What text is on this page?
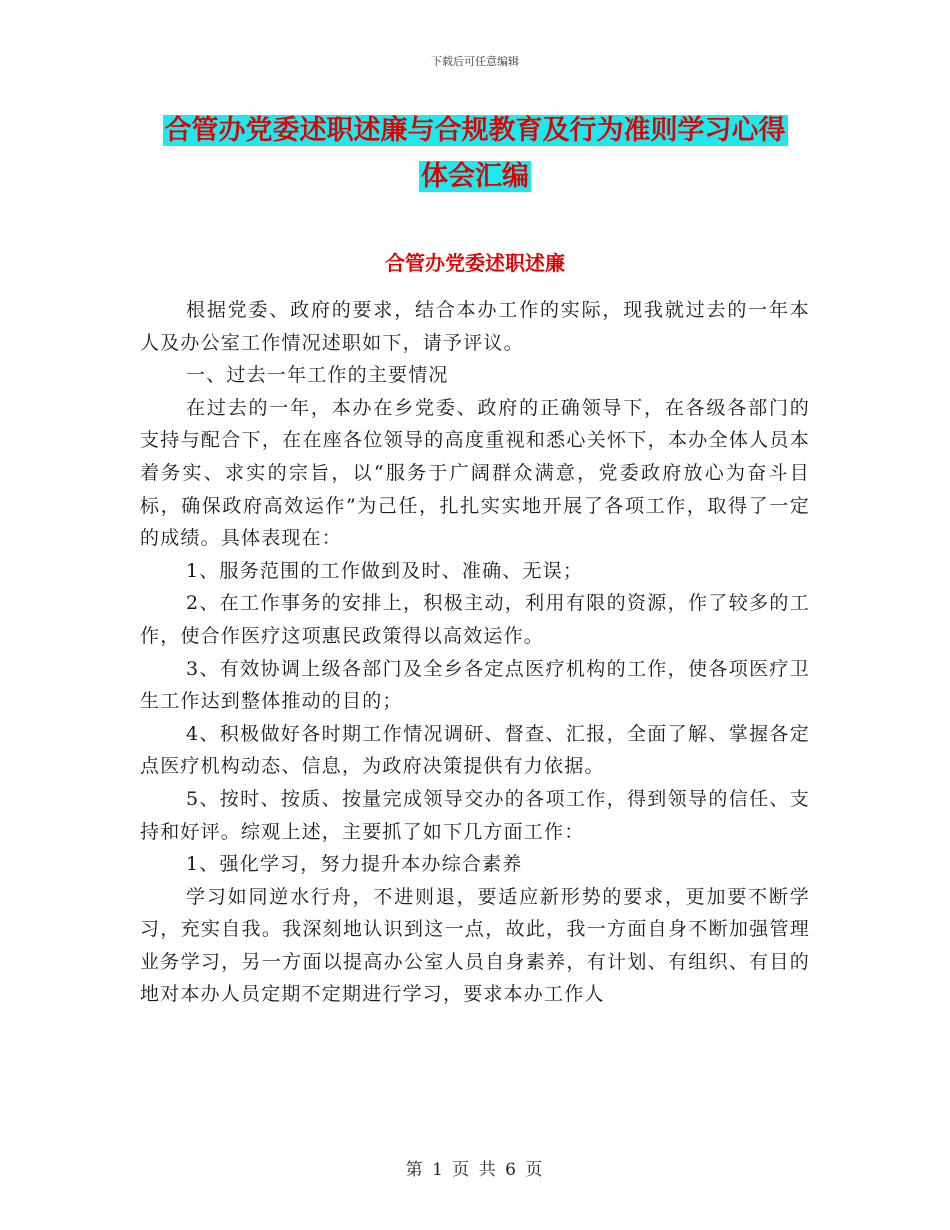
下载后可任意编辑
合管办党委述职述廉与合规教育及行为准则学习心得
体会汇编
合管办党委述职述廉

根据党委、政府的要求，结合本办工作的实际，现我就过去的一年本人及办公室工作情况述职如下，请予评议。

一、过去一年工作的主要情况

在过去的一年，本办在乡党委、政府的正确领导下，在各级各部门的支持与配合下，在在座各位领导的高度重视和悉心关怀下，本办全体人员本着务实、求实的宗旨，以“服务于广阔群众满意，党委政府放心为奋斗目标，确保政府高效运作”为己任，扎扎实实地开展了各项工作，取得了一定的成绩。具体表现在：

1、服务范围的工作做到及时、准确、无误；

2、在工作事务的安排上，积极主动，利用有限的资源，作了较多的工作，使合作医疗这项惠民政策得以高效运作。

3、有效协调上级各部门及全乡各定点医疗机构的工作，使各项医疗卫生工作达到整体推动的目的；

4、积极做好各时期工作情况调研、督查、汇报，全面了解、掌握各定点医疗机构动态、信息，为政府决策提供有力依据。

5、按时、按质、按量完成领导交办的各项工作，得到领导的信任、支持和好评。综观上述，主要抓了如下几方面工作：

1、强化学习，努力提升本办综合素养

学习如同逆水行舟，不进则退，要适应新形势的要求，更加要不断学习，充实自我。我深刻地认识到这一点，故此，我一方面自身不断加强管理业务学习，另一方面以提高办公室人员自身素养，有计划、有组织、有目的地对本办人员定期不定期进行学习，要求本办工作人

第 1 页 共 6 页
